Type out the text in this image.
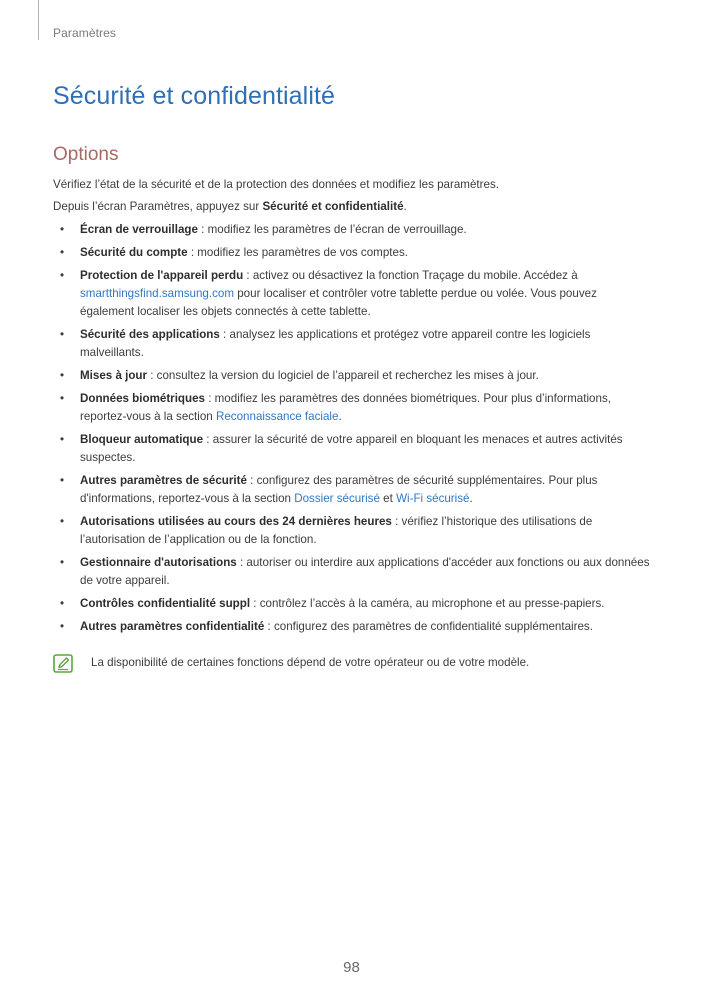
Paramètres
Sécurité et confidentialité
Options

Vérifiez l’état de la sécurité et de la protection des données et modifiez les paramètres.

Depuis l’écran Paramètres, appuyez sur Sécurité et confidentialité.

• Écran de verrouillage : modifiez les paramètres de l’écran de verrouillage.
• Sécurité du compte : modifiez les paramètres de vos comptes.
• Protection de l'appareil perdu : activez ou désactivez la fonction Traçage du mobile. Accédez à smartthingsfind.samsung.com pour localiser et contrôler votre tablette perdue ou volée. Vous pouvez également localiser les objets connectés à cette tablette.
• Sécurité des applications : analysez les applications et protégez votre appareil contre les logiciels malveillants.
• Mises à jour : consultez la version du logiciel de l’appareil et recherchez les mises à jour.
• Données biométriques : modifiez les paramètres des données biométriques. Pour plus d’informations, reportez-vous à la section Reconnaissance faciale.
• Bloqueur automatique : assurer la sécurité de votre appareil en bloquant les menaces et autres activités suspectes.
• Autres paramètres de sécurité : configurez des paramètres de sécurité supplémentaires. Pour plus d'informations, reportez-vous à la section Dossier sécurisé et Wi-Fi sécurisé.
• Autorisations utilisées au cours des 24 dernières heures : vérifiez l’historique des utilisations de l’autorisation de l’application ou de la fonction.
• Gestionnaire d'autorisations : autoriser ou interdire aux applications d'accéder aux fonctions ou aux données de votre appareil.
• Contrôles confidentialité suppl : contrôlez l’accès à la caméra, au microphone et au presse-papiers.
• Autres paramètres confidentialité : configurez des paramètres de confidentialité supplémentaires.
La disponibilité de certaines fonctions dépend de votre opérateur ou de votre modèle.
98
